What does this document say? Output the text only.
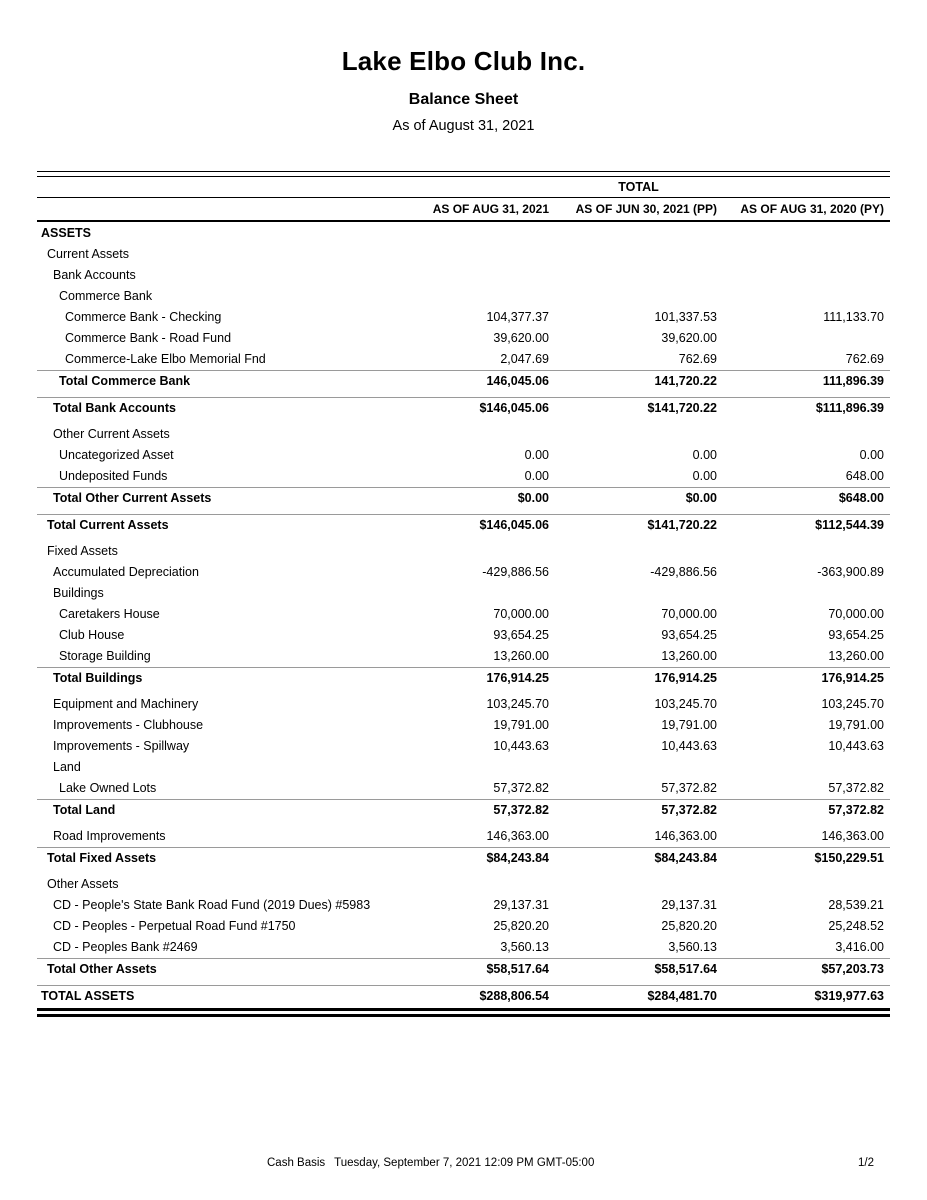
Lake Elbo Club Inc.
Balance Sheet
As of August 31, 2021
TOTAL
AS OF AUG 31, 2021	AS OF JUN 30, 2021 (PP)	AS OF AUG 31, 2020 (PY)
ASSETS
Current Assets
Bank Accounts
Commerce Bank
Commerce Bank - Checking	104,377.37	101,337.53	111,133.70
Commerce Bank - Road Fund	39,620.00	39,620.00
Commerce-Lake Elbo Memorial Fnd	2,047.69	762.69	762.69
Total Commerce Bank	146,045.06	141,720.22	111,896.39
Total Bank Accounts	$146,045.06	$141,720.22	$111,896.39
Other Current Assets
Uncategorized Asset	0.00	0.00	0.00
Undeposited Funds	0.00	0.00	648.00
Total Other Current Assets	$0.00	$0.00	$648.00
Total Current Assets	$146,045.06	$141,720.22	$112,544.39
Fixed Assets
Accumulated Depreciation	-429,886.56	-429,886.56	-363,900.89
Buildings
Caretakers House	70,000.00	70,000.00	70,000.00
Club House	93,654.25	93,654.25	93,654.25
Storage Building	13,260.00	13,260.00	13,260.00
Total Buildings	176,914.25	176,914.25	176,914.25
Equipment and Machinery	103,245.70	103,245.70	103,245.70
Improvements - Clubhouse	19,791.00	19,791.00	19,791.00
Improvements - Spillway	10,443.63	10,443.63	10,443.63
Land
Lake Owned Lots	57,372.82	57,372.82	57,372.82
Total Land	57,372.82	57,372.82	57,372.82
Road Improvements	146,363.00	146,363.00	146,363.00
Total Fixed Assets	$84,243.84	$84,243.84	$150,229.51
Other Assets
CD - People's State Bank Road Fund (2019 Dues) #5983	29,137.31	29,137.31	28,539.21
CD - Peoples - Perpetual Road Fund #1750	25,820.20	25,820.20	25,248.52
CD - Peoples Bank #2469	3,560.13	3,560.13	3,416.00
Total Other Assets	$58,517.64	$58,517.64	$57,203.73
TOTAL ASSETS	$288,806.54	$284,481.70	$319,977.63
Cash Basis Tuesday, September 7, 2021 12:09 PM GMT-05:00	1/2
